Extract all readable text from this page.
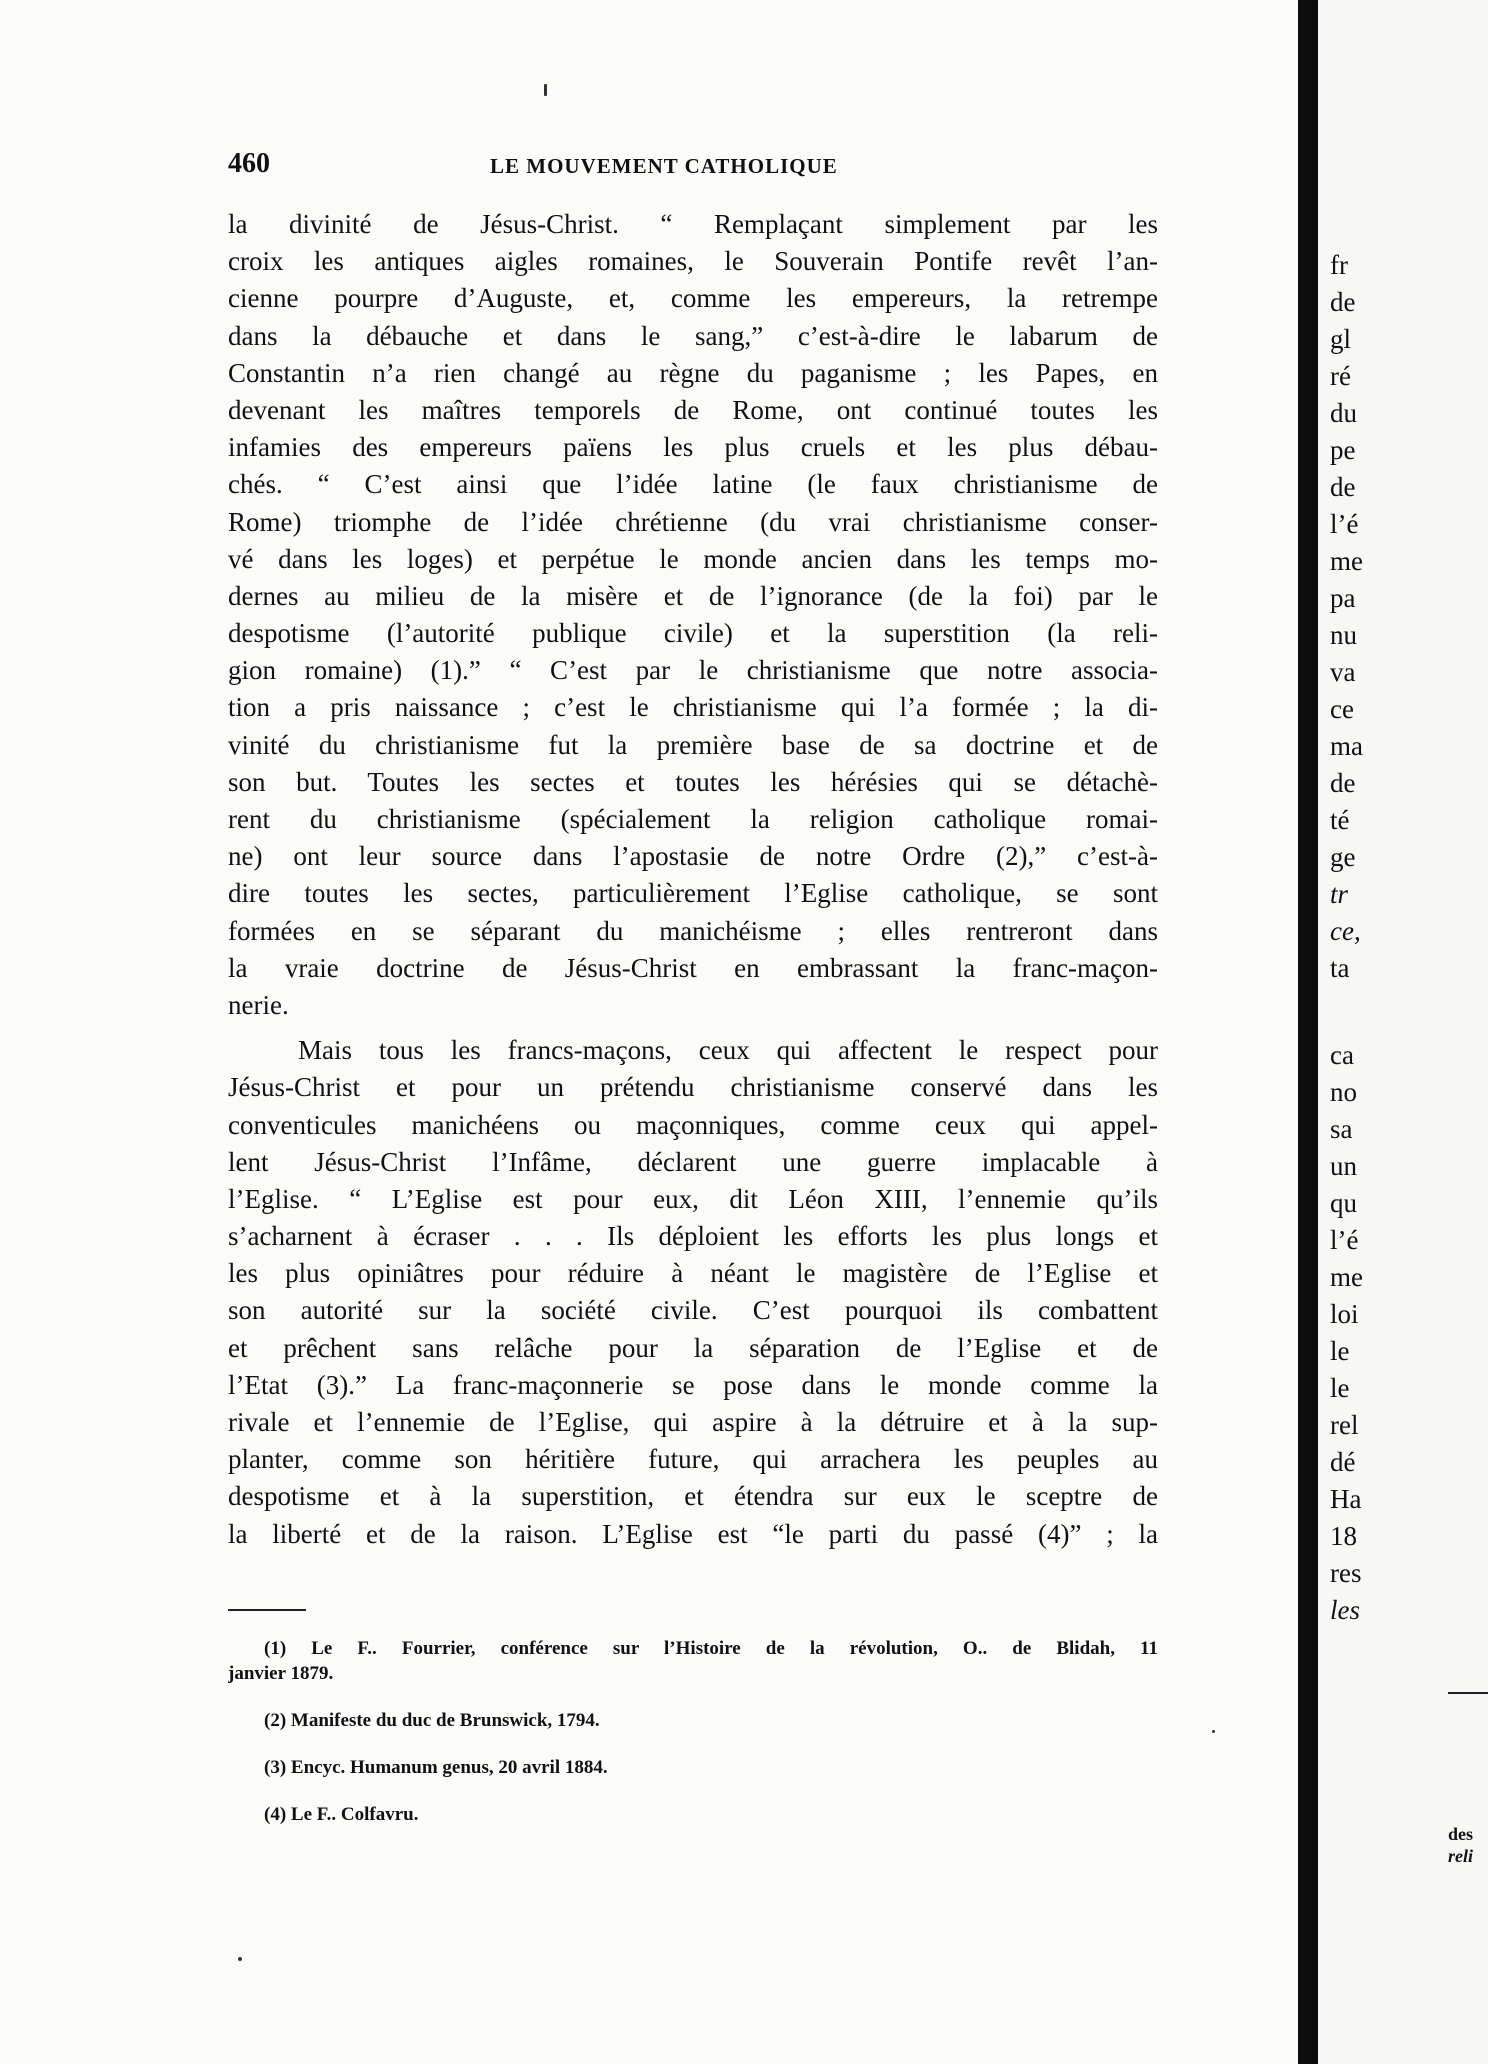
460	LE MOUVEMENT CATHOLIQUE
la divinité de Jésus-Christ. “ Remplaçant simplement par les
croix les antiques aigles romaines, le Souverain Pontife revêt l’an-
cienne pourpre d’Auguste, et, comme les empereurs, la retrempe
dans la débauche et dans le sang,” c’est-à-dire le labarum de
Constantin n’a rien changé au règne du paganisme ; les Papes, en
devenant les maîtres temporels de Rome, ont continué toutes les
infamies des empereurs païens les plus cruels et les plus débau-
chés. “ C’est ainsi que l’idée latine (le faux christianisme de
Rome) triomphe de l’idée chrétienne (du vrai christianisme conser-
vé dans les loges) et perpétue le monde ancien dans les temps mo-
dernes au milieu de la misère et de l’ignorance (de la foi) par le
despotisme (l’autorité publique civile) et la superstition (la reli-
gion romaine) (1).” “ C’est par le christianisme que notre associa-
tion a pris naissance ; c’est le christianisme qui l’a formée ; la di-
vinité du christianisme fut la première base de sa doctrine et de
son but. Toutes les sectes et toutes les hérésies qui se détachè-
rent du christianisme (spécialement la religion catholique romai-
ne) ont leur source dans l’apostasie de notre Ordre (2),” c’est-à-
dire toutes les sectes, particulièrement l’Eglise catholique, se sont
formées en se séparant du manichéisme ; elles rentreront dans
la vraie doctrine de Jésus-Christ en embrassant la franc-maçon-
nerie.
Mais tous les francs-maçons, ceux qui affectent le respect pour
Jésus-Christ et pour un prétendu christianisme conservé dans les
conventicules manichéens ou maçonniques, comme ceux qui appel-
lent Jésus-Christ l’Infâme, déclarent une guerre implacable à
l’Eglise. “ L’Eglise est pour eux, dit Léon XIII, l’ennemie qu’ils
s’acharnent à écraser . . . Ils déploient les efforts les plus longs et
les plus opiniâtres pour réduire à néant le magistère de l’Eglise et
son autorité sur la société civile. C’est pourquoi ils combattent
et prêchent sans relâche pour la séparation de l’Eglise et de
l’Etat (3).” La franc-maçonnerie se pose dans le monde comme la
rivale et l’ennemie de l’Eglise, qui aspire à la détruire et à la sup-
planter, comme son héritière future, qui arrachera les peuples au
despotisme et à la superstition, et étendra sur eux le sceptre de
la liberté et de la raison. L’Eglise est “le parti du passé (4)” ; la
(1) Le F.. Fourrier, conférence sur l’Histoire de la révolution, O.. de Blidah, 11
janvier 1879.
(2) Manifeste du duc de Brunswick, 1794.
(3) Encyc. Humanum genus, 20 avril 1884.
(4) Le F.. Colfavru.
fr
de
gl
ré
du
pe
de
l’é
me
pa
nu
va
ce
ma
de
té
ge
tr
ce,
ta
ca
no
sa
un
qu
l’é
me
loi
le
le
rel
dé
Ha
18
res
les
des
reli
